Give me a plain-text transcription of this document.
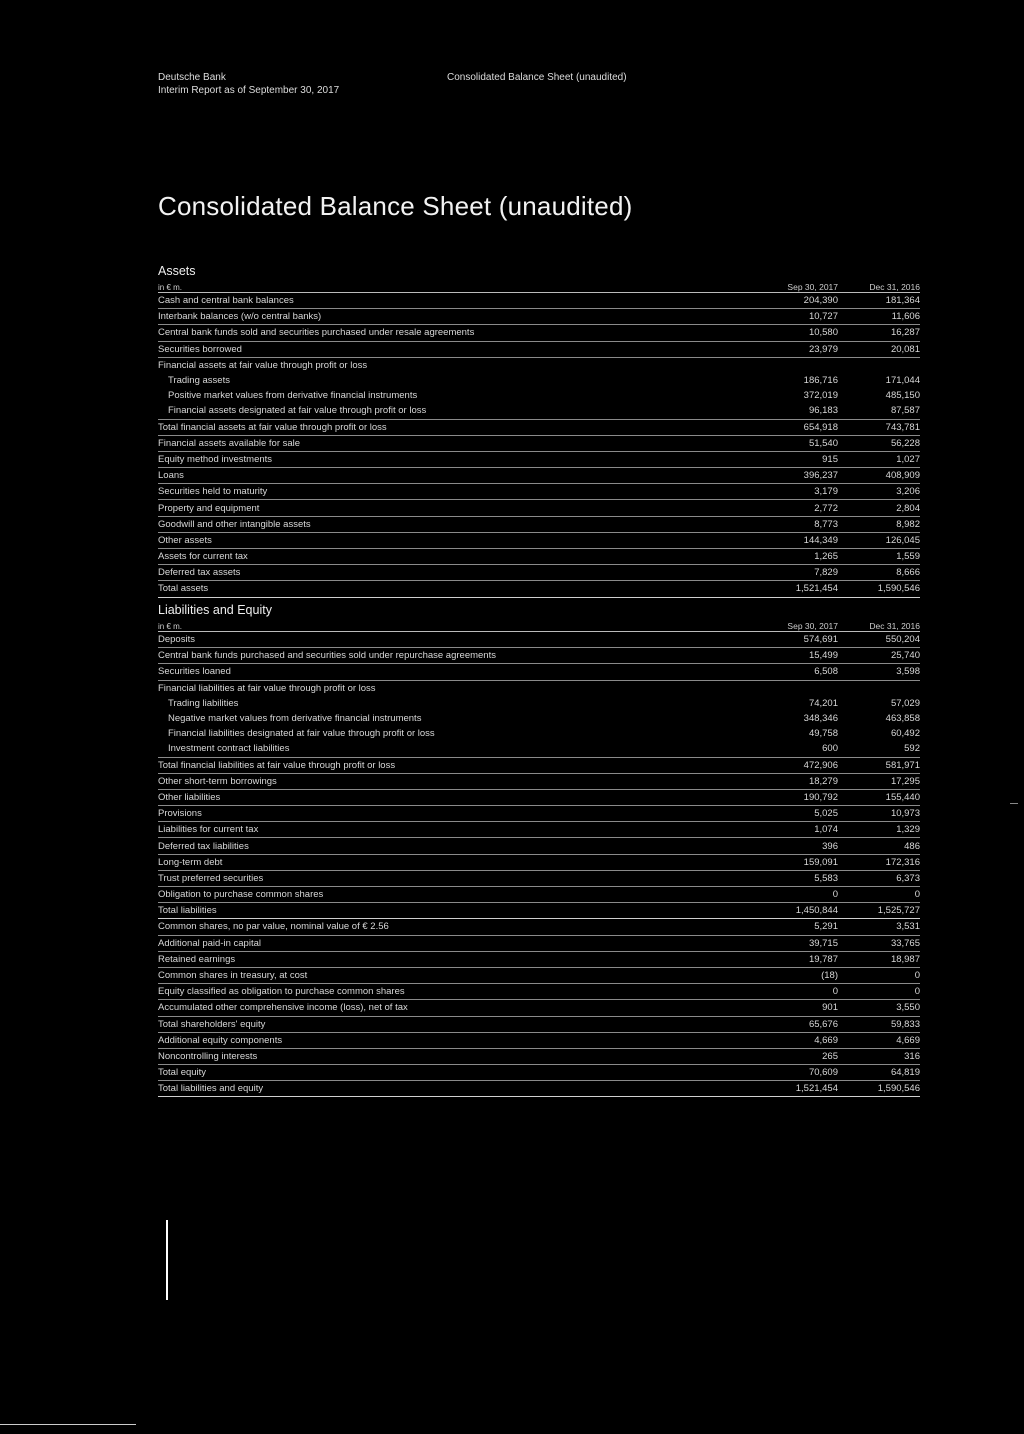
Deutsche Bank
Interim Report as of September 30, 2017
Consolidated Balance Sheet (unaudited)
Consolidated Balance Sheet (unaudited)
Assets
in € m.	Sep 30, 2017	Dec 31, 2016
Cash and central bank balances	204,390	181,364
Interbank balances (w/o central banks)	10,727	11,606
Central bank funds sold and securities purchased under resale agreements	10,580	16,287
Securities borrowed	23,979	20,081
Financial assets at fair value through profit or loss
Trading assets	186,716	171,044
Positive market values from derivative financial instruments	372,019	485,150
Financial assets designated at fair value through profit or loss	96,183	87,587
Total financial assets at fair value through profit or loss	654,918	743,781
Financial assets available for sale	51,540	56,228
Equity method investments	915	1,027
Loans	396,237	408,909
Securities held to maturity	3,179	3,206
Property and equipment	2,772	2,804
Goodwill and other intangible assets	8,773	8,982
Other assets	144,349	126,045
Assets for current tax	1,265	1,559
Deferred tax assets	7,829	8,666
Total assets	1,521,454	1,590,546
Liabilities and Equity
in € m.	Sep 30, 2017	Dec 31, 2016
Deposits	574,691	550,204
Central bank funds purchased and securities sold under repurchase agreements	15,499	25,740
Securities loaned	6,508	3,598
Financial liabilities at fair value through profit or loss
Trading liabilities	74,201	57,029
Negative market values from derivative financial instruments	348,346	463,858
Financial liabilities designated at fair value through profit or loss	49,758	60,492
Investment contract liabilities	600	592
Total financial liabilities at fair value through profit or loss	472,906	581,971
Other short-term borrowings	18,279	17,295
Other liabilities	190,792	155,440
Provisions	5,025	10,973
Liabilities for current tax	1,074	1,329
Deferred tax liabilities	396	486
Long-term debt	159,091	172,316
Trust preferred securities	5,583	6,373
Obligation to purchase common shares	0	0
Total liabilities	1,450,844	1,525,727
Common shares, no par value, nominal value of € 2.56	5,291	3,531
Additional paid-in capital	39,715	33,765
Retained earnings	19,787	18,987
Common shares in treasury, at cost	(18)	0
Equity classified as obligation to purchase common shares	0	0
Accumulated other comprehensive income (loss), net of tax	901	3,550
Total shareholders' equity	65,676	59,833
Additional equity components	4,669	4,669
Noncontrolling interests	265	316
Total equity	70,609	64,819
Total liabilities and equity	1,521,454	1,590,546
